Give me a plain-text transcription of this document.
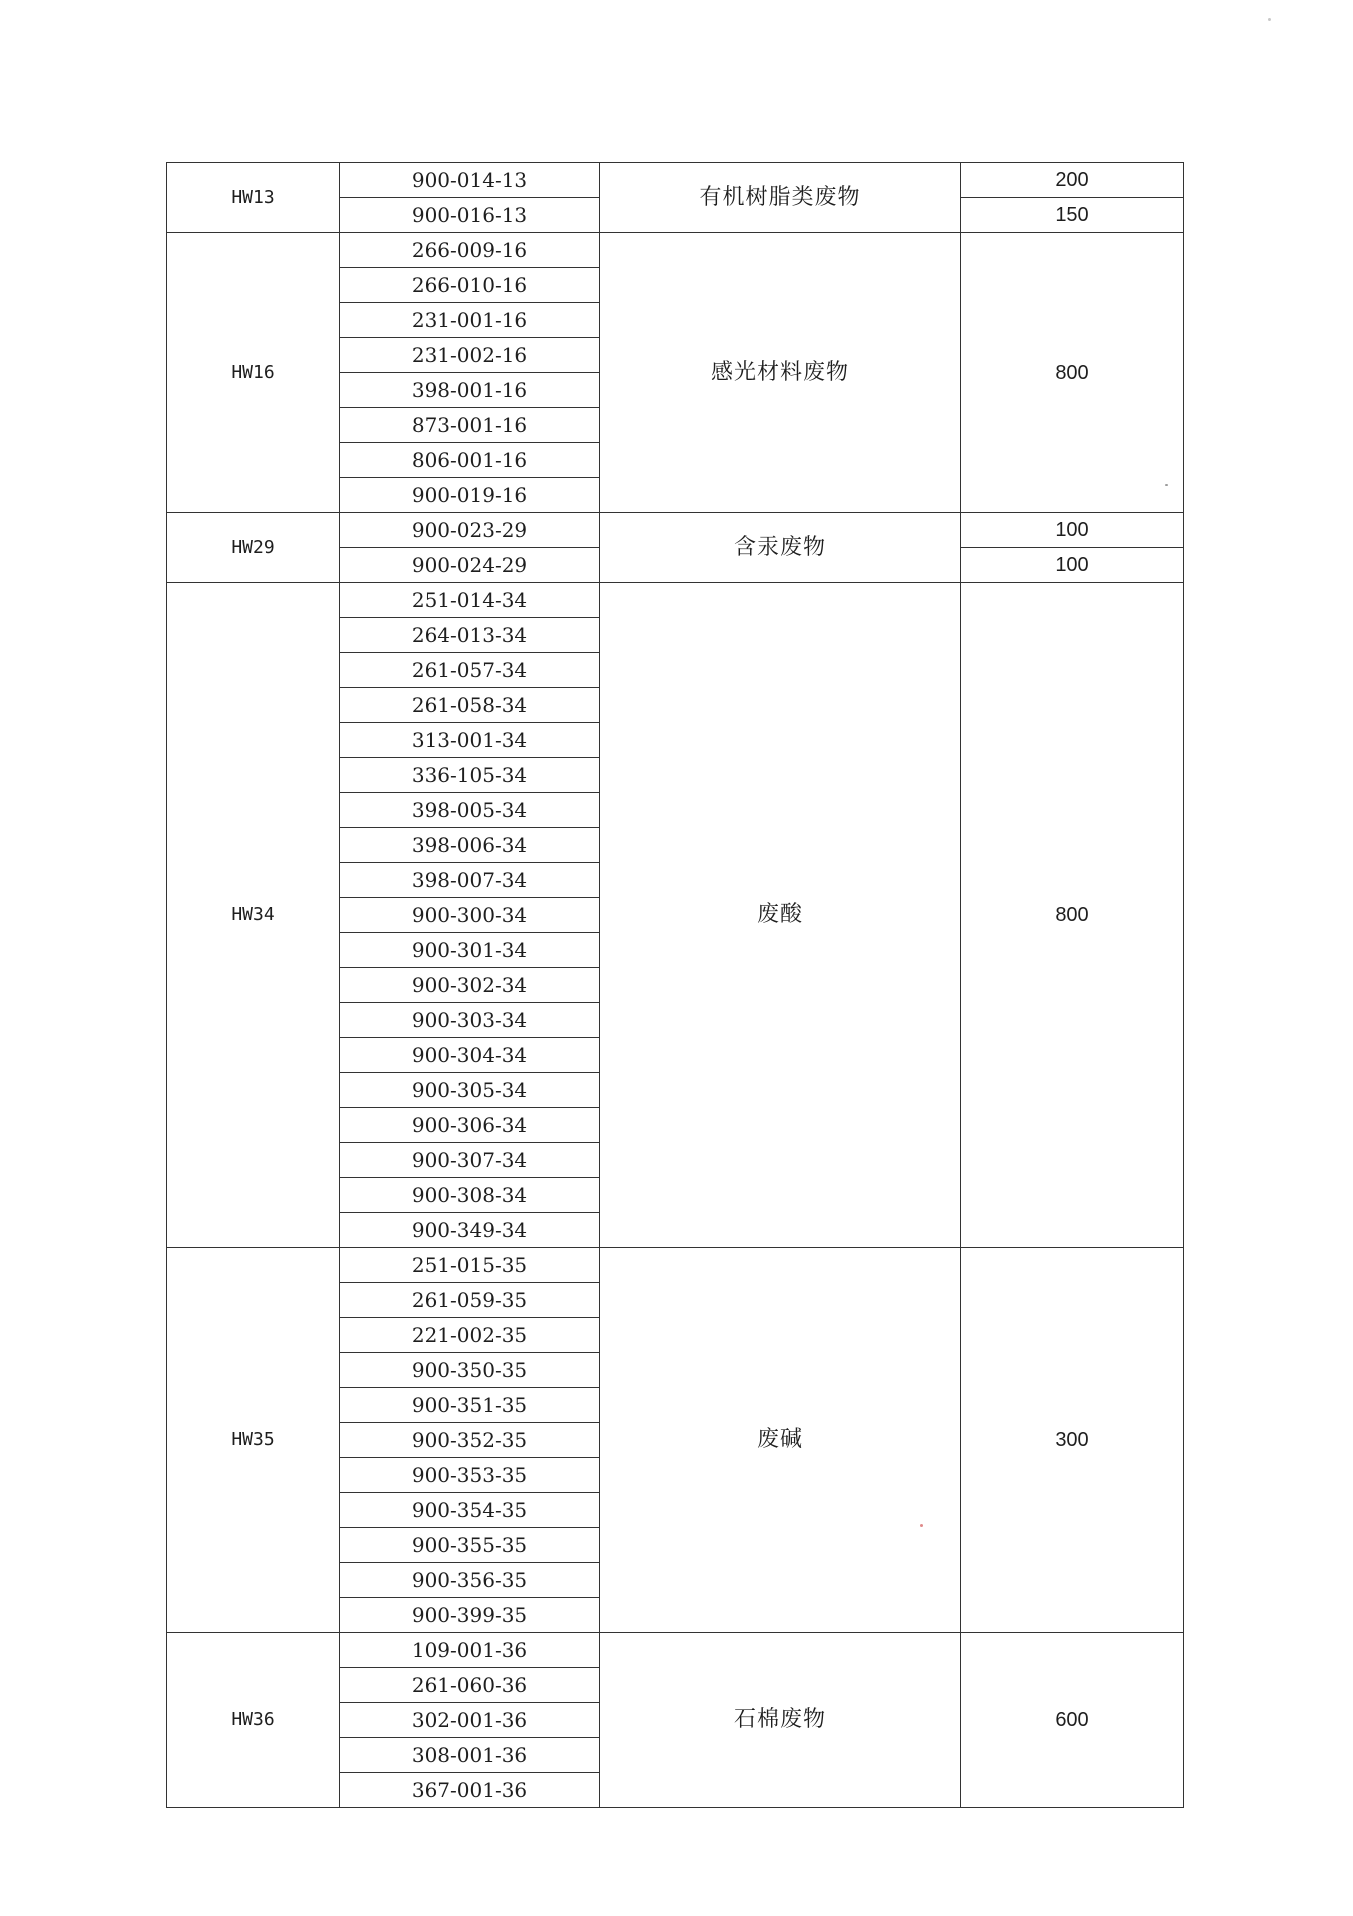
HW13	900-014-13	有机树脂类废物	200
	900-016-13		150
HW16	266-009-16	感光材料废物	800
	266-010-16		
	231-001-16		
	231-002-16		
	398-001-16		
	873-001-16		
	806-001-16		
	900-019-16		
HW29	900-023-29	含汞废物	100
	900-024-29		100
HW34	251-014-34	废酸	800
	264-013-34		
	261-057-34		
	261-058-34		
	313-001-34		
	336-105-34		
	398-005-34		
	398-006-34		
	398-007-34		
	900-300-34		
	900-301-34		
	900-302-34		
	900-303-34		
	900-304-34		
	900-305-34		
	900-306-34		
	900-307-34		
	900-308-34		
	900-349-34		
HW35	251-015-35	废碱	300
	261-059-35		
	221-002-35		
	900-350-35		
	900-351-35		
	900-352-35		
	900-353-35		
	900-354-35		
	900-355-35		
	900-356-35		
	900-399-35		
HW36	109-001-36	石棉废物	600
	261-060-36		
	302-001-36		
	308-001-36		
	367-001-36		
